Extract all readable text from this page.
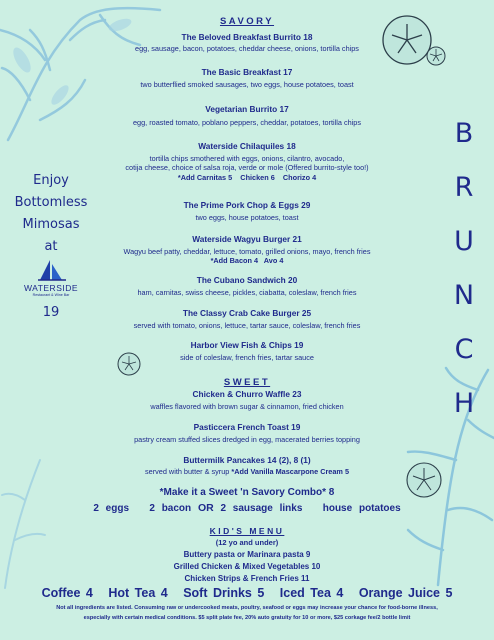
Enjoy
Bottomless
Mimosas
at
WATERSIDE
Restaurant & Wine Bar
19
B
R
U
N
C
H
SAVORY
The Beloved Breakfast Burrito 18
egg, sausage, bacon, potatoes, cheddar cheese, onions, tortilla chips
The Basic Breakfast 17
two butterflied smoked sausages, two eggs, house potatoes, toast
Vegetarian Burrito 17
egg, roasted tomato, poblano peppers, cheddar, potatoes, tortilla chips
Waterside Chilaquiles 18
tortilla chips smothered with eggs, onions, cilantro, avocado,
cotija cheese, choice of salsa roja, verde or mole (Offered burrito-style too!)
*Add Carnitas 5    Chicken 6    Chorizo 4
The Prime Pork Chop & Eggs 29
two eggs, house potatoes, toast
Waterside Wagyu Burger 21
Wagyu beef patty, cheddar, lettuce, tomato, grilled onions, mayo, french fries
*Add Bacon 4   Avo 4
The Cubano Sandwich 20
ham, carnitas, swiss cheese, pickles, ciabatta, coleslaw, french fries
The Classy Crab Cake Burger 25
served with tomato, onions, lettuce, tartar sauce, coleslaw, french fries
Harbor View Fish & Chips 19
side of coleslaw, french fries, tartar sauce
SWEET
Chicken & Churro Waffle 23
waffles flavored with brown sugar & cinnamon, fried chicken
Pasticcera French Toast 19
pastry cream stuffed slices dredged in egg, macerated berries topping
Buttermilk Pancakes 14 (2), 8 (1)
served with butter & syrup *Add Vanilla Mascarpone Cream 5
*Make it a Sweet 'n Savory Combo* 8
2 eggs   2 bacon OR 2 sausage links   house potatoes
KID'S MENU
(12 yo and under)
Buttery pasta or Marinara pasta 9
Grilled Chicken & Mixed Vegetables 10
Chicken Strips & French Fries 11
Coffee 4 Hot Tea 4 Soft Drinks 5 Iced Tea 4 Orange Juice 5
Not all ingredients are listed. Consuming raw or undercooked meats, poultry, seafood or eggs may increase your chance for food-borne illness,
especially with certain medical conditions. $5 split plate fee, 20% auto gratuity for 10 or more, $25 corkage fee/2 bottle limit
